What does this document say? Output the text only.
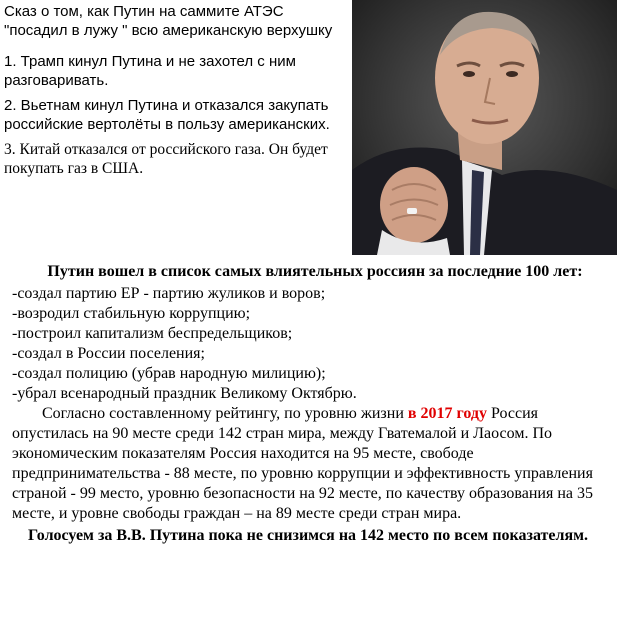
Сказ о том, как Путин на саммите АТЭС "посадил в лужу " всю американскую верхушку

1. Трамп кинул Путина и не захотел с ним разговаривать.

2. Вьетнам кинул Путина и отказался закупать российские вертолёты в пользу американских.

3. Китай отказался от российского газа. Он будет покупать газ в США.

Путин вошел в список самых влиятельных россиян за последние 100 лет:

-создал партию ЕР - партию жуликов и воров;
-возродил стабильную коррупцию;
-построил капитализм беспредельщиков;
-создал в России поселения;
-создал полицию (убрав народную милицию);
-убрал всенародный праздник Великому Октябрю.

Согласно составленному рейтингу, по уровню жизни в 2017 году Россия опустилась на 90 месте среди 142 стран мира, между Гватемалой и Лаосом. По экономическим показателям Россия находится на 95 месте, свободе предпринимательства - 88 месте, по уровню коррупции и эффективность управления страной - 99 место, уровню безопасности на 92 месте, по качеству образования на 35 месте, и уровне свободы граждан – на 89 месте среди стран мира.

Голосуем за В.В. Путина пока не снизимся на 142 место по всем показателям.
